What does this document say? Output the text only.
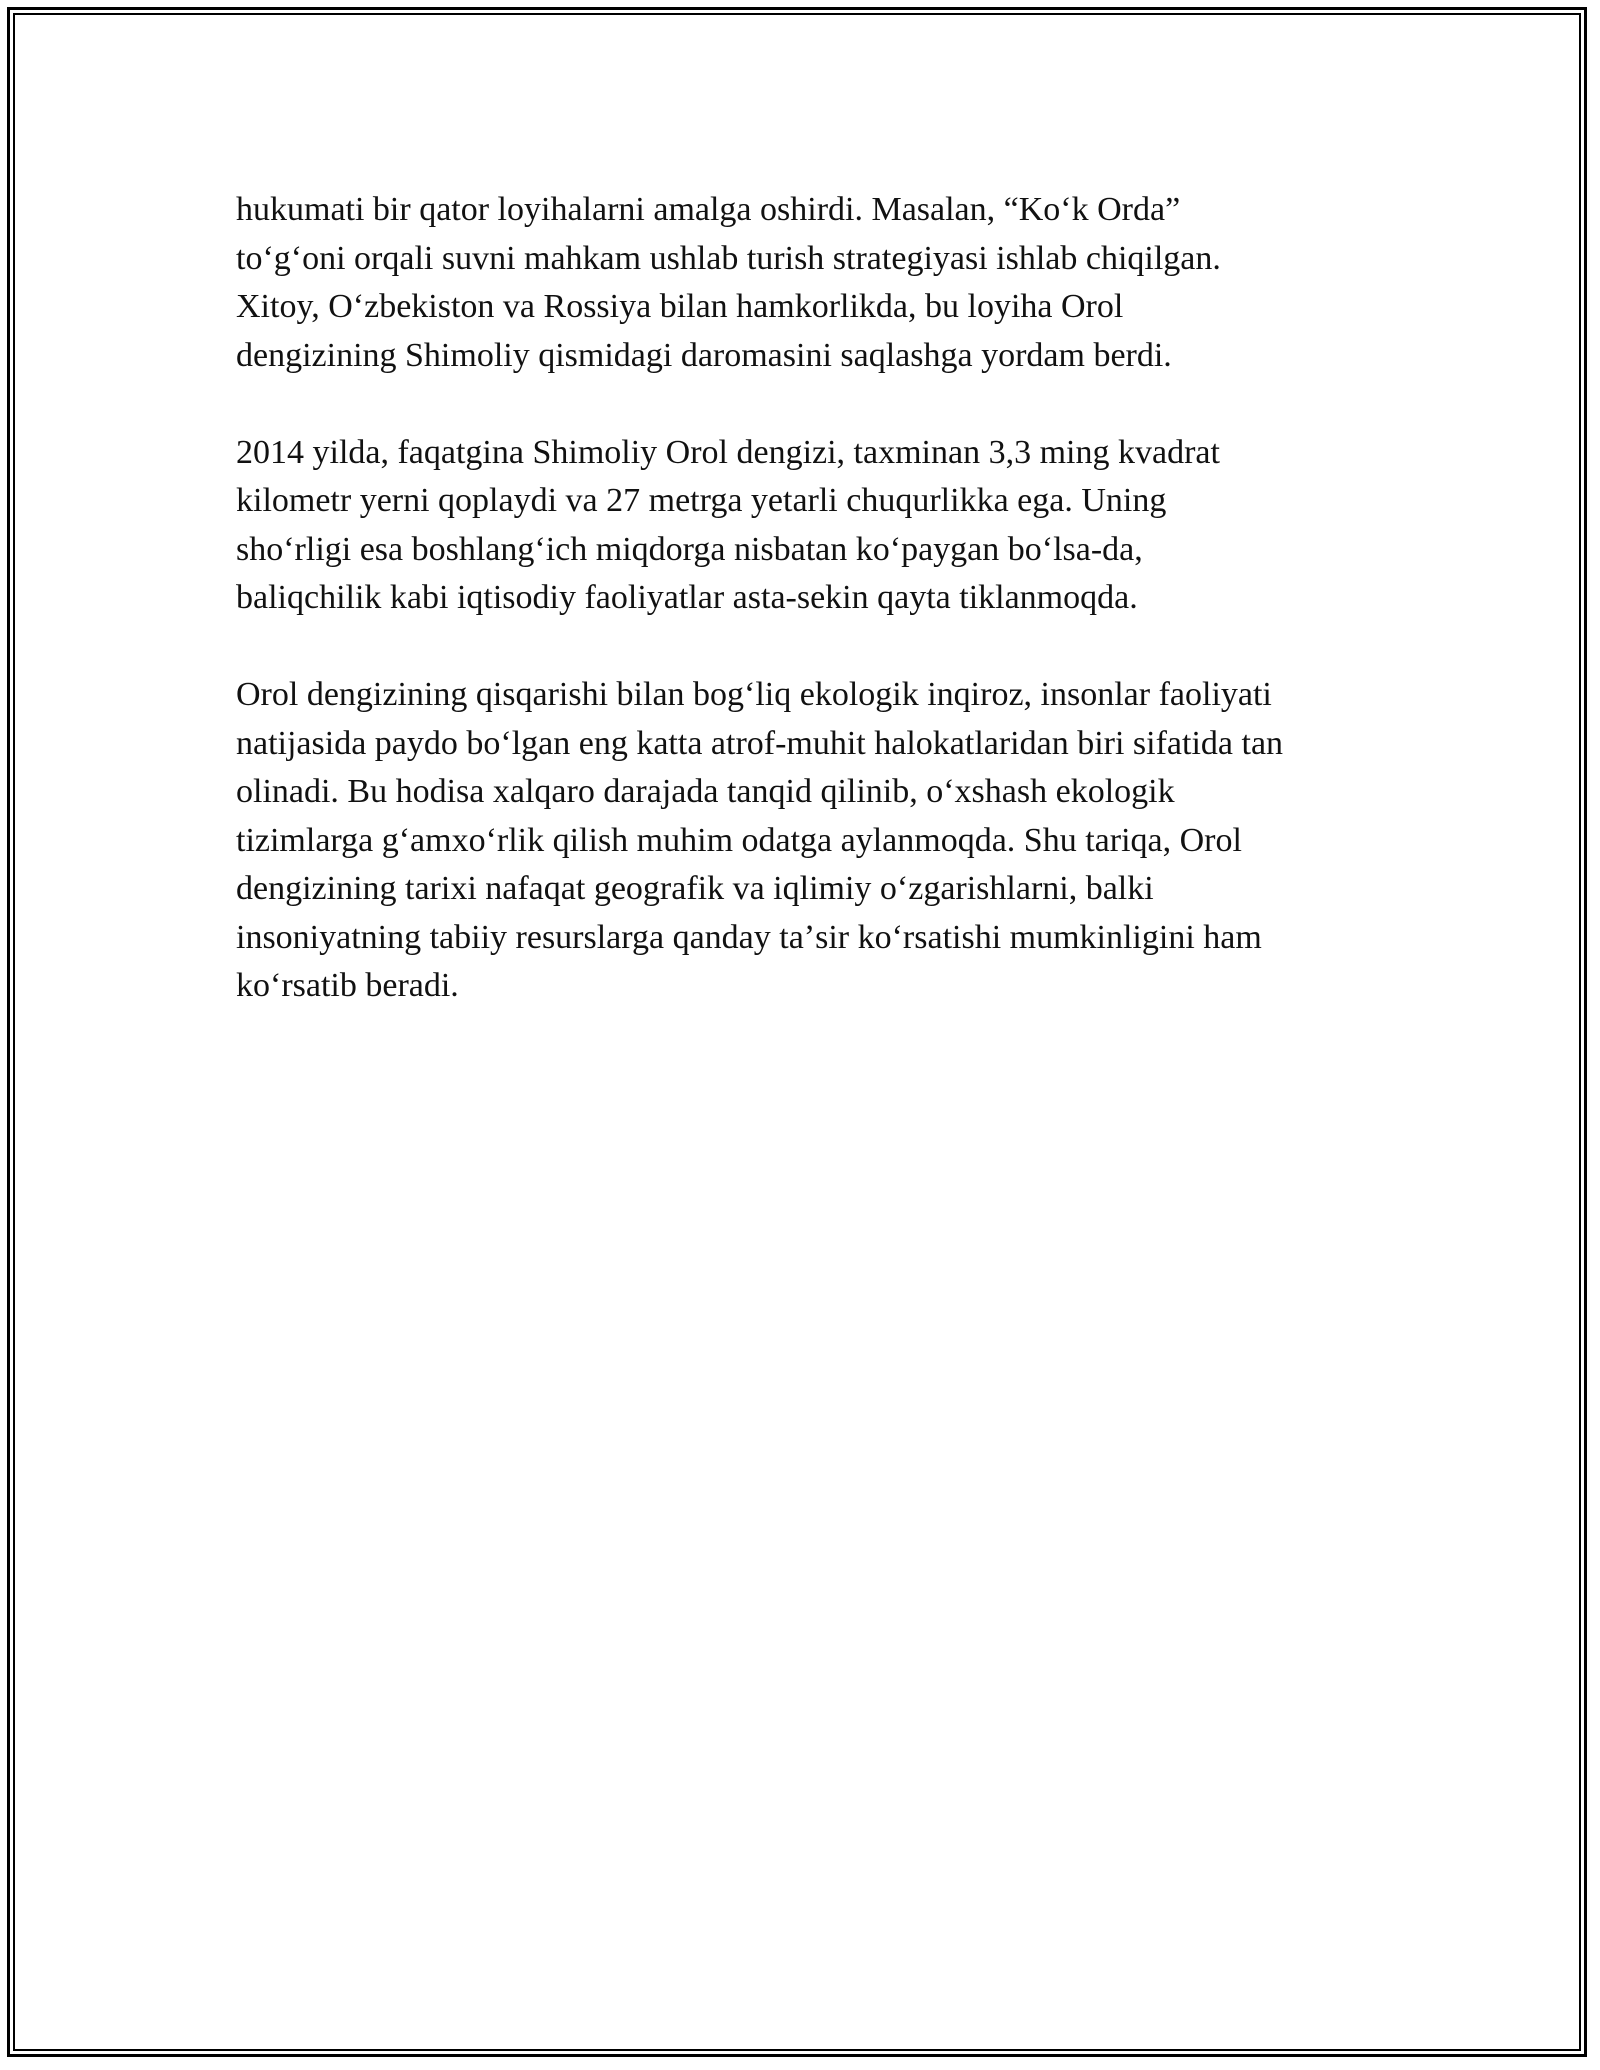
hukumati bir qator loyihalarni amalga oshirdi. Masalan, “Koʻk Orda”
toʻgʻoni orqali suvni mahkam ushlab turish strategiyasi ishlab chiqilgan.
Xitoy, Oʻzbekiston va Rossiya bilan hamkorlikda, bu loyiha Orol
dengizining Shimoliy qismidagi daromasini saqlashga yordam berdi.

2014 yilda, faqatgina Shimoliy Orol dengizi, taxminan 3,3 ming kvadrat
kilometr yerni qoplaydi va 27 metrga yetarli chuqurlikka ega. Uning
shoʻrligi esa boshlangʻich miqdorga nisbatan koʻpaygan boʻlsa-da,
baliqchilik kabi iqtisodiy faoliyatlar asta-sekin qayta tiklanmoqda.

Orol dengizining qisqarishi bilan bogʻliq ekologik inqiroz, insonlar faoliyati
natijasida paydo boʻlgan eng katta atrof-muhit halokatlaridan biri sifatida tan
olinadi. Bu hodisa xalqaro darajada tanqid qilinib, oʻxshash ekologik
tizimlarga gʻamxoʻrlik qilish muhim odatga aylanmoqda. Shu tariqa, Orol
dengizining tarixi nafaqat geografik va iqlimiy oʻzgarishlarni, balki
insoniyatning tabiiy resurslarga qanday taʼsir koʻrsatishi mumkinligini ham
koʻrsatib beradi.
